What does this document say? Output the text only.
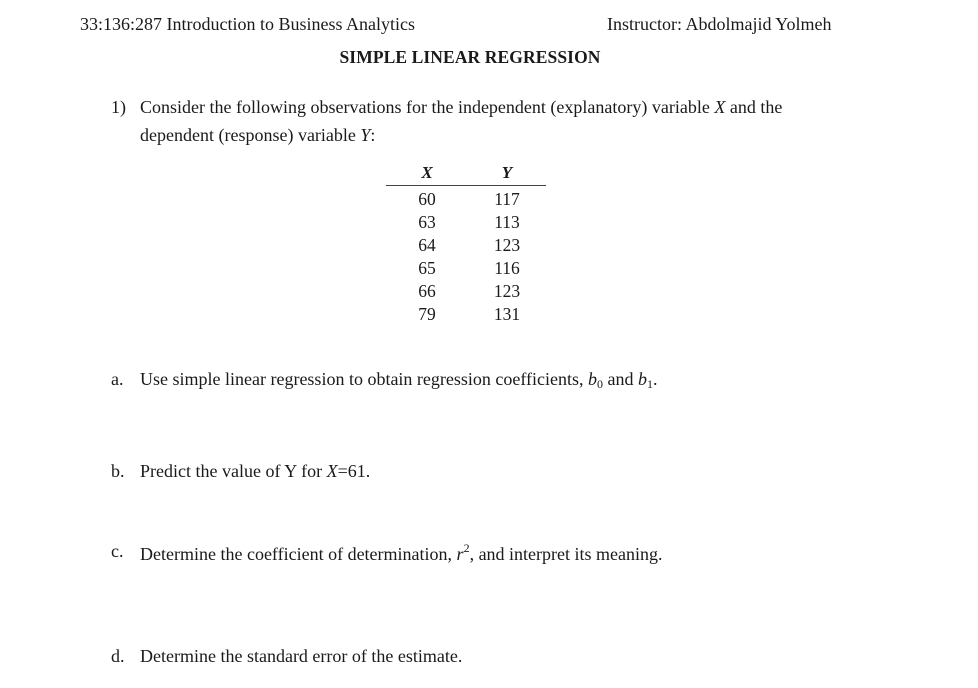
33:136:287 Introduction to Business Analytics	Instructor: Abdolmajid Yolmeh
SIMPLE LINEAR REGRESSION
1) Consider the following observations for the independent (explanatory) variable X and the
dependent (response) variable Y:
X	Y
60	117
63	113
64	123
65	116
66	123
79	131
a. Use simple linear regression to obtain regression coefficients, $b_0$ and $b_1$.
b. Predict the value of Y for X=61.
c. Determine the coefficient of determination, $r^2$, and interpret its meaning.
d. Determine the standard error of the estimate.
